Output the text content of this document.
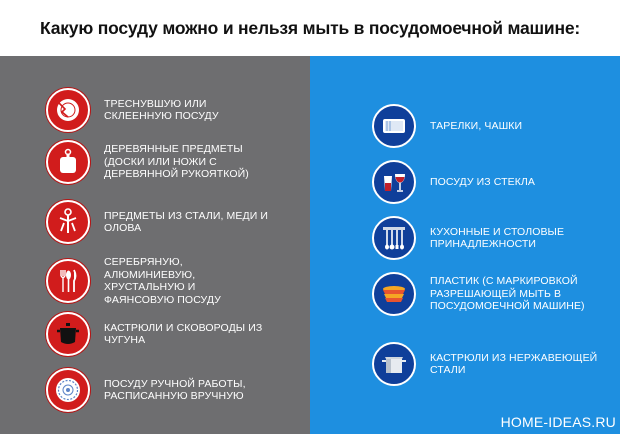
Какую посуду можно и нельзя мыть в посудомоечной машине:
ТРЕСНУВШУЮ ИЛИ СКЛЕЕННУЮ ПОСУДУ
ДЕРЕВЯННЫЕ ПРЕДМЕТЫ (ДОСКИ ИЛИ НОЖИ С ДЕРЕВЯННОЙ РУКОЯТКОЙ)
ПРЕДМЕТЫ ИЗ СТАЛИ, МЕДИ И ОЛОВА
СЕРЕБРЯНУЮ, АЛЮМИНИЕВУЮ, ХРУСТАЛЬНУЮ И ФАЯНСОВУЮ ПОСУДУ
КАСТРЮЛИ И СКОВОРОДЫ ИЗ ЧУГУНА
ПОСУДУ РУЧНОЙ РАБОТЫ, РАСПИСАННУЮ ВРУЧНУЮ
ТАРЕЛКИ, ЧАШКИ
ПОСУДУ ИЗ СТЕКЛА
КУХОННЫЕ И СТОЛОВЫЕ ПРИНАДЛЕЖНОСТИ
ПЛАСТИК (С МАРКИРОВКОЙ РАЗРЕШАЮЩЕЙ МЫТЬ В ПОСУДОМОЕЧНОЙ МАШИНЕ)
КАСТРЮЛИ ИЗ НЕРЖАВЕЮЩЕЙ СТАЛИ
HOME-IDEAS.RU
